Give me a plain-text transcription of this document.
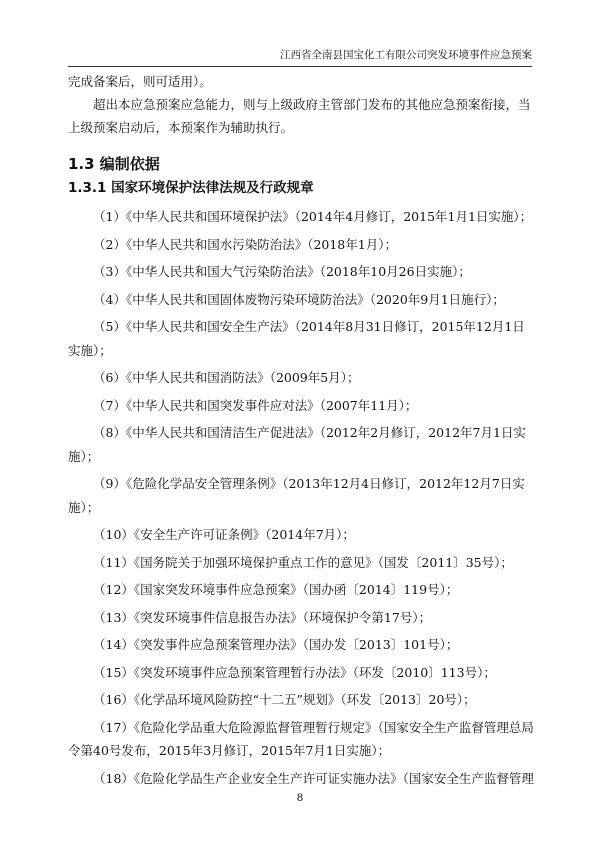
江西省全南县国宝化工有限公司突发环境事件应急预案

完成备案后，则可适用）。

超出本应急预案应急能力，则与上级政府主管部门发布的其他应急预案衔接，当上级预案启动后，本预案作为辅助执行。

1.3 编制依据
1.3.1 国家环境保护法律法规及行政规章

（1）《中华人民共和国环境保护法》（2014年4月修订，2015年1月1日实施）；

（2）《中华人民共和国水污染防治法》（2018年1月）；

（3）《中华人民共和国大气污染防治法》（2018年10月26日实施）；

（4）《中华人民共和国固体废物污染环境防治法》（2020年9月1日施行）；

（5）《中华人民共和国安全生产法》（2014年8月31日修订，2015年12月1日实施）；

（6）《中华人民共和国消防法》（2009年5月）；

（7）《中华人民共和国突发事件应对法》（2007年11月）；

（8）《中华人民共和国清洁生产促进法》（2012年2月修订，2012年7月1日实施）；

（9）《危险化学品安全管理条例》（2013年12月4日修订，2012年12月7日实施）；

（10）《安全生产许可证条例》（2014年7月）；

（11）《国务院关于加强环境保护重点工作的意见》（国发〔2011〕35号）；

（12）《国家突发环境事件应急预案》（国办函〔2014〕119号）；

（13）《突发环境事件信息报告办法》（环境保护令第17号）；

（14）《突发事件应急预案管理办法》（国办发〔2013〕101号）；

（15）《突发环境事件应急预案管理暂行办法》（环发〔2010〕113号）；

（16）《化学品环境风险防控“十二五”规划》（环发〔2013〕20号）；

（17）《危险化学品重大危险源监督管理暂行规定》（国家安全生产监督管理总局令第40号发布，2015年3月修订，2015年7月1日实施）；

（18）《危险化学品生产企业安全生产许可证实施办法》（国家安全生产监督管理

8
